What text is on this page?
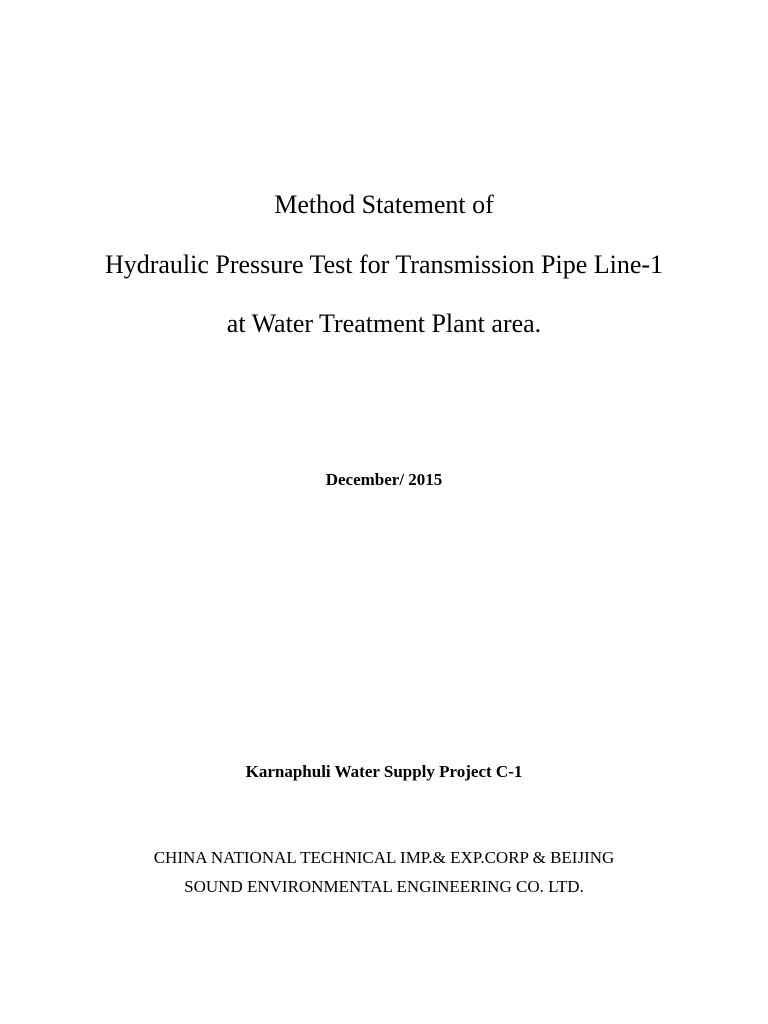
Method Statement of
Hydraulic Pressure Test for Transmission Pipe Line-1
at Water Treatment Plant area.
December/ 2015
Karnaphuli Water Supply Project C-1
CHINA NATIONAL TECHNICAL IMP.& EXP.CORP & BEIJING
SOUND ENVIRONMENTAL ENGINEERING CO. LTD.
